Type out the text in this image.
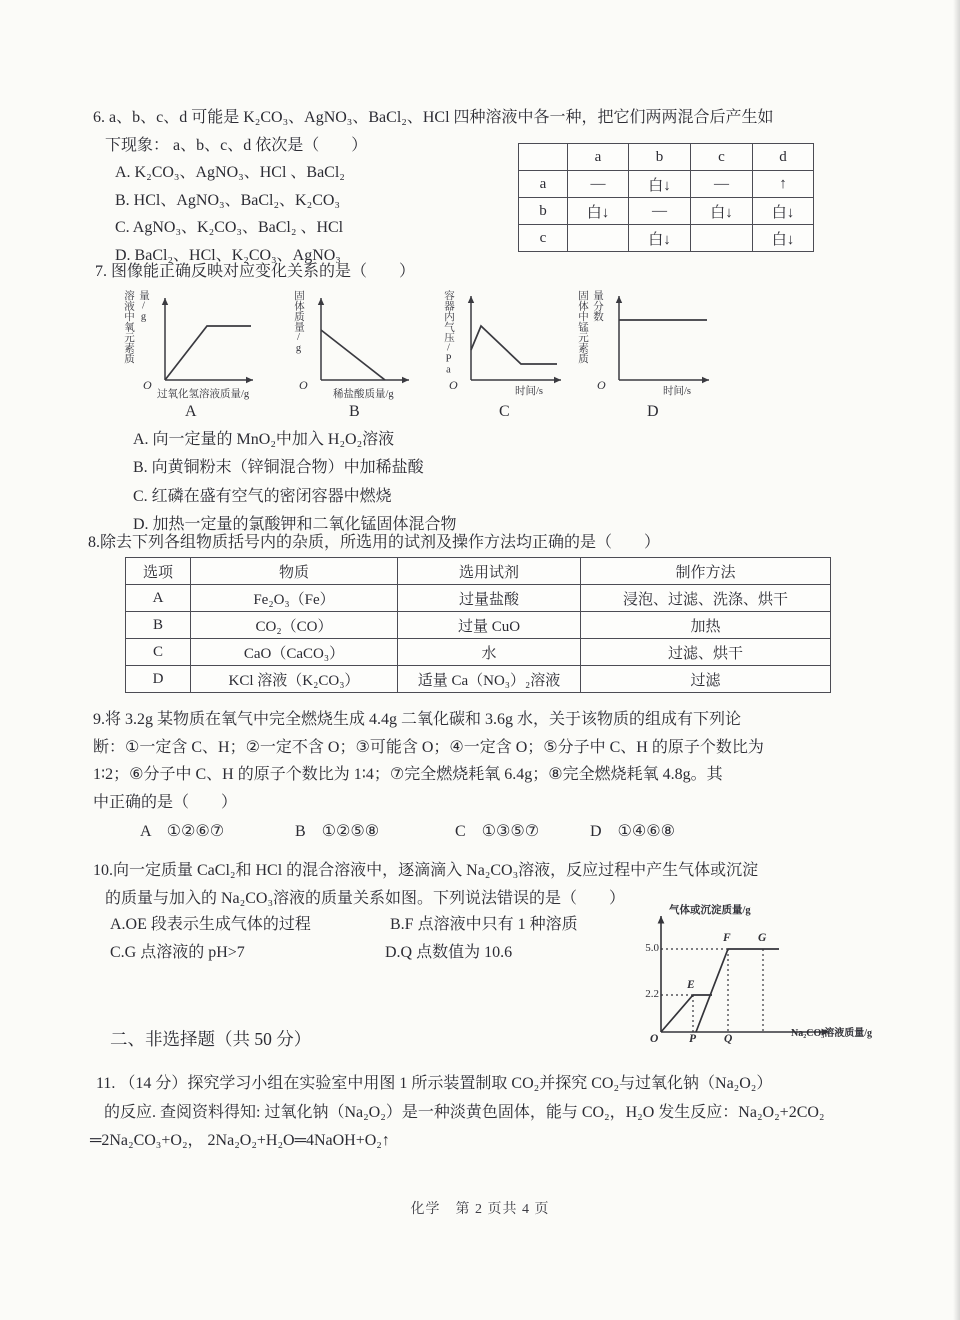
6. a、b、c、d 可能是 K₂CO₃、AgNO₃、BaCl₂、HCl 四种溶液中各一种，把它们两两混合后产生如
下现象： a、b、c、d 依次是（　　）
A. K₂CO₃、AgNO₃、HCl 、BaCl₂
B. HCl、AgNO₃、BaCl₂、K₂CO₃
C. AgNO₃、K₂CO₃、BaCl₂ 、HCl
D. BaCl₂、HCl、K₂CO₃、AgNO₃
	a	b	c	d
a	—	白↓	—	↑
b	白↓	—	白↓	白↓
c		白↓		白↓
7. 图像能正确反映对应变化关系的是（　　）
溶液中氧元素质量/g
O
过氧化氢溶液质量/g
A
固体质量/g
O
稀盐酸质量/g
B
容器内气压/Pa
O	时间/s
C
固体中锰元素质量分数
O	时间/s
D
A. 向一定量的 MnO₂中加入 H₂O₂溶液
B. 向黄铜粉末（锌铜混合物）中加稀盐酸
C. 红磷在盛有空气的密闭容器中燃烧
D. 加热一定量的氯酸钾和二氧化锰固体混合物
8.除去下列各组物质括号内的杂质，所选用的试剂及操作方法均正确的是（　　）
选项	物质	选用试剂	制作方法
A	Fe₂O₃（Fe）	过量盐酸	浸泡、过滤、洗涤、烘干
B	CO₂（CO）	过量 CuO	加热
C	CaO（CaCO₃）	水	过滤、烘干
D	KCl 溶液（K₂CO₃）	适量 Ca（NO₃）₂溶液	过滤
9.将 3.2g 某物质在氧气中完全燃烧生成 4.4g 二氧化碳和 3.6g 水，关于该物质的组成有下列论
断：①一定含 C、H；②一定不含 O；③可能含 O；④一定含 O；⑤分子中 C、H 的原子个数比为
1∶2；⑥分子中 C、H 的原子个数比为 1∶4；⑦完全燃烧耗氧 6.4g；⑧完全燃烧耗氧 4.8g。其
中正确的是（　　）
A　①②⑥⑦	B　①②⑤⑧	C　①③⑤⑦	D　①④⑥⑧
10.向一定质量 CaCl₂和 HCl 的混合溶液中，逐滴滴入 Na₂CO₃溶液，反应过程中产生气体或沉淀
的质量与加入的 Na₂CO₃溶液的质量关系如图。下列说法错误的是（　　）
A.OE 段表示生成气体的过程	B.F 点溶液中只有 1 种溶质
C.G 点溶液的 pH>7	D.Q 点数值为 10.6
气体或沉淀质量/g
5.0
2.2
O	P Q
E
F G
Na₂CO₃溶液质量/g
二、非选择题（共 50 分）
11. （14 分）探究学习小组在实验室中用图 1 所示装置制取 CO₂并探究 CO₂与过氧化钠（Na₂O₂）
的反应. 查阅资料得知: 过氧化钠（Na₂O₂）是一种淡黄色固体，能与 CO₂，H₂O 发生反应：Na₂O₂+2CO₂
═2Na₂CO₃+O₂， 2Na₂O₂+H₂O═4NaOH+O₂↑
化学　第 2 页共 4 页
